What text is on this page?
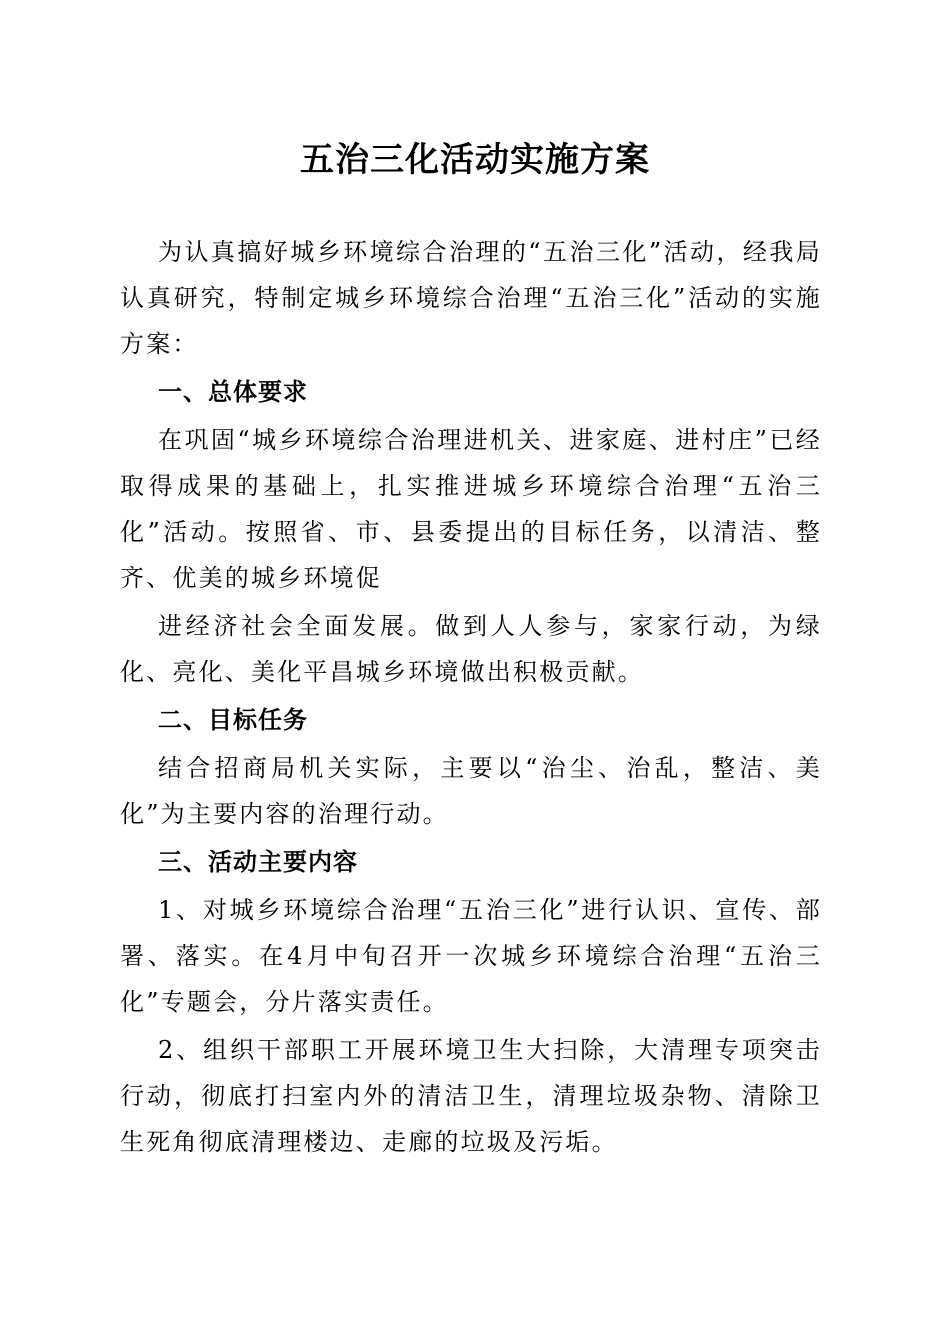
五治三化活动实施方案

为认真搞好城乡环境综合治理的“五治三化”活动，经我局认真研究，特制定城乡环境综合治理“五治三化”活动的实施方案：

一、总体要求

在巩固“城乡环境综合治理进机关、进家庭、进村庄”已经取得成果的基础上，扎实推进城乡环境综合治理“五治三化”活动。按照省、市、县委提出的目标任务，以清洁、整齐、优美的城乡环境促

进经济社会全面发展。做到人人参与，家家行动，为绿化、亮化、美化平昌城乡环境做出积极贡献。

二、目标任务

结合招商局机关实际，主要以“治尘、治乱，整洁、美化”为主要内容的治理行动。

三、活动主要内容

1、对城乡环境综合治理“五治三化”进行认识、宣传、部署、落实。在4月中旬召开一次城乡环境综合治理“五治三化”专题会，分片落实责任。

2、组织干部职工开展环境卫生大扫除，大清理专项突击行动，彻底打扫室内外的清洁卫生，清理垃圾杂物、清除卫生死角彻底清理楼边、走廊的垃圾及污垢。
